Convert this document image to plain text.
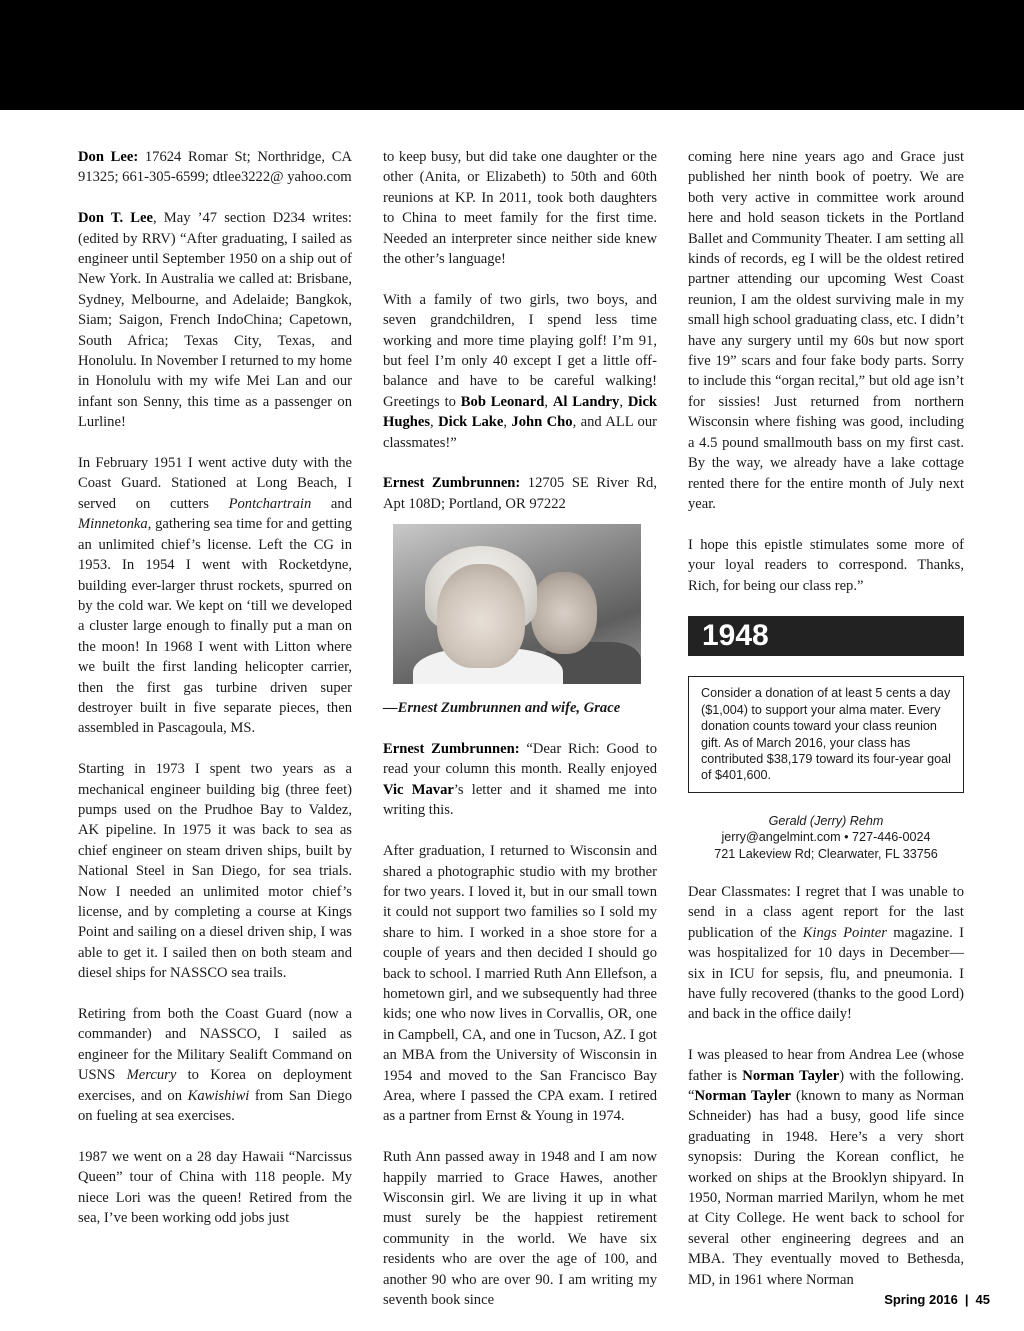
Don Lee: 17624 Romar St; Northridge, CA 91325; 661-305-6599; dtlee3222@ yahoo.com

Don T. Lee, May ’47 section D234 writes: (edited by RRV) “After graduating, I sailed as engineer until September 1950 on a ship out of New York. In Australia we called at: Brisbane, Sydney, Melbourne, and Adelaide; Bangkok, Siam; Saigon, French IndoChina; Capetown, South Africa; Texas City, Texas, and Honolulu. In November I returned to my home in Honolulu with my wife Mei Lan and our infant son Senny, this time as a passenger on Lurline!

In February 1951 I went active duty with the Coast Guard. Stationed at Long Beach, I served on cutters Pontchartrain and Minnetonka, gathering sea time for and getting an unlimited chief’s license. Left the CG in 1953. In 1954 I went with Rocketdyne, building ever-larger thrust rockets, spurred on by the cold war. We kept on ‘till we developed a cluster large enough to finally put a man on the moon! In 1968 I went with Litton where we built the first landing helicopter carrier, then the first gas turbine driven super destroyer built in five separate pieces, then assembled in Pascagoula, MS.

Starting in 1973 I spent two years as a mechanical engineer building big (three feet) pumps used on the Prudhoe Bay to Valdez, AK pipeline. In 1975 it was back to sea as chief engineer on steam driven ships, built by National Steel in San Diego, for sea trials. Now I needed an unlimited motor chief’s license, and by completing a course at Kings Point and sailing on a diesel driven ship, I was able to get it. I sailed then on both steam and diesel ships for NASSCO sea trails.

Retiring from both the Coast Guard (now a commander) and NASSCO, I sailed as engineer for the Military Sealift Command on USNS Mercury to Korea on deployment exercises, and on Kawishiwi from San Diego on fueling at sea exercises.

1987 we went on a 28 day Hawaii “Narcissus Queen” tour of China with 118 people. My niece Lori was the queen! Retired from the sea, I’ve been working odd jobs just

to keep busy, but did take one daughter or the other (Anita, or Elizabeth) to 50th and 60th reunions at KP. In 2011, took both daughters to China to meet family for the first time. Needed an interpreter since neither side knew the other’s language!

With a family of two girls, two boys, and seven grandchildren, I spend less time working and more time playing golf! I’m 91, but feel I’m only 40 except I get a little off-balance and have to be careful walking! Greetings to Bob Leonard, Al Landry, Dick Hughes, Dick Lake, John Cho, and ALL our classmates!”

Ernest Zumbrunnen: 12705 SE River Rd, Apt 108D; Portland, OR 97222

—Ernest Zumbrunnen and wife, Grace

Ernest Zumbrunnen: “Dear Rich: Good to read your column this month. Really enjoyed Vic Mavar’s letter and it shamed me into writing this.

After graduation, I returned to Wisconsin and shared a photographic studio with my brother for two years. I loved it, but in our small town it could not support two families so I sold my share to him. I worked in a shoe store for a couple of years and then decided I should go back to school. I married Ruth Ann Ellefson, a hometown girl, and we subsequently had three kids; one who now lives in Corvallis, OR, one in Campbell, CA, and one in Tucson, AZ. I got an MBA from the University of Wisconsin in 1954 and moved to the San Francisco Bay Area, where I passed the CPA exam. I retired as a partner from Ernst & Young in 1974.

Ruth Ann passed away in 1948 and I am now happily married to Grace Hawes, another Wisconsin girl. We are living it up in what must surely be the happiest retirement community in the world. We have six residents who are over the age of 100, and another 90 who are over 90. I am writing my seventh book since

coming here nine years ago and Grace just published her ninth book of poetry. We are both very active in committee work around here and hold season tickets in the Portland Ballet and Community Theater. I am setting all kinds of records, eg I will be the oldest retired partner attending our upcoming West Coast reunion, I am the oldest surviving male in my small high school graduating class, etc. I didn’t have any surgery until my 60s but now sport five 19” scars and four fake body parts. Sorry to include this “organ recital,” but old age isn’t for sissies! Just returned from northern Wisconsin where fishing was good, including a 4.5 pound smallmouth bass on my first cast. By the way, we already have a lake cottage rented there for the entire month of July next year.

I hope this epistle stimulates some more of your loyal readers to correspond. Thanks, Rich, for being our class rep.”

1948
Consider a donation of at least 5 cents a day ($1,004) to support your alma mater. Every donation counts toward your class reunion gift. As of March 2016, your class has contributed $38,179 toward its four-year goal of $401,600.
Gerald (Jerry) Rehm
jerry@angelmint.com • 727-446-0024
721 Lakeview Rd; Clearwater, FL 33756

Dear Classmates: I regret that I was unable to send in a class agent report for the last publication of the Kings Pointer magazine. I was hospitalized for 10 days in December—six in ICU for sepsis, flu, and pneumonia. I have fully recovered (thanks to the good Lord) and back in the office daily!

I was pleased to hear from Andrea Lee (whose father is Norman Tayler) with the following. “Norman Tayler (known to many as Norman Schneider) has had a busy, good life since graduating in 1948. Here’s a very short synopsis: During the Korean conflict, he worked on ships at the Brooklyn shipyard. In 1950, Norman married Marilyn, whom he met at City College. He went back to school for several other engineering degrees and an MBA. They eventually moved to Bethesda, MD, in 1961 where Norman

Spring 2016 | 45
